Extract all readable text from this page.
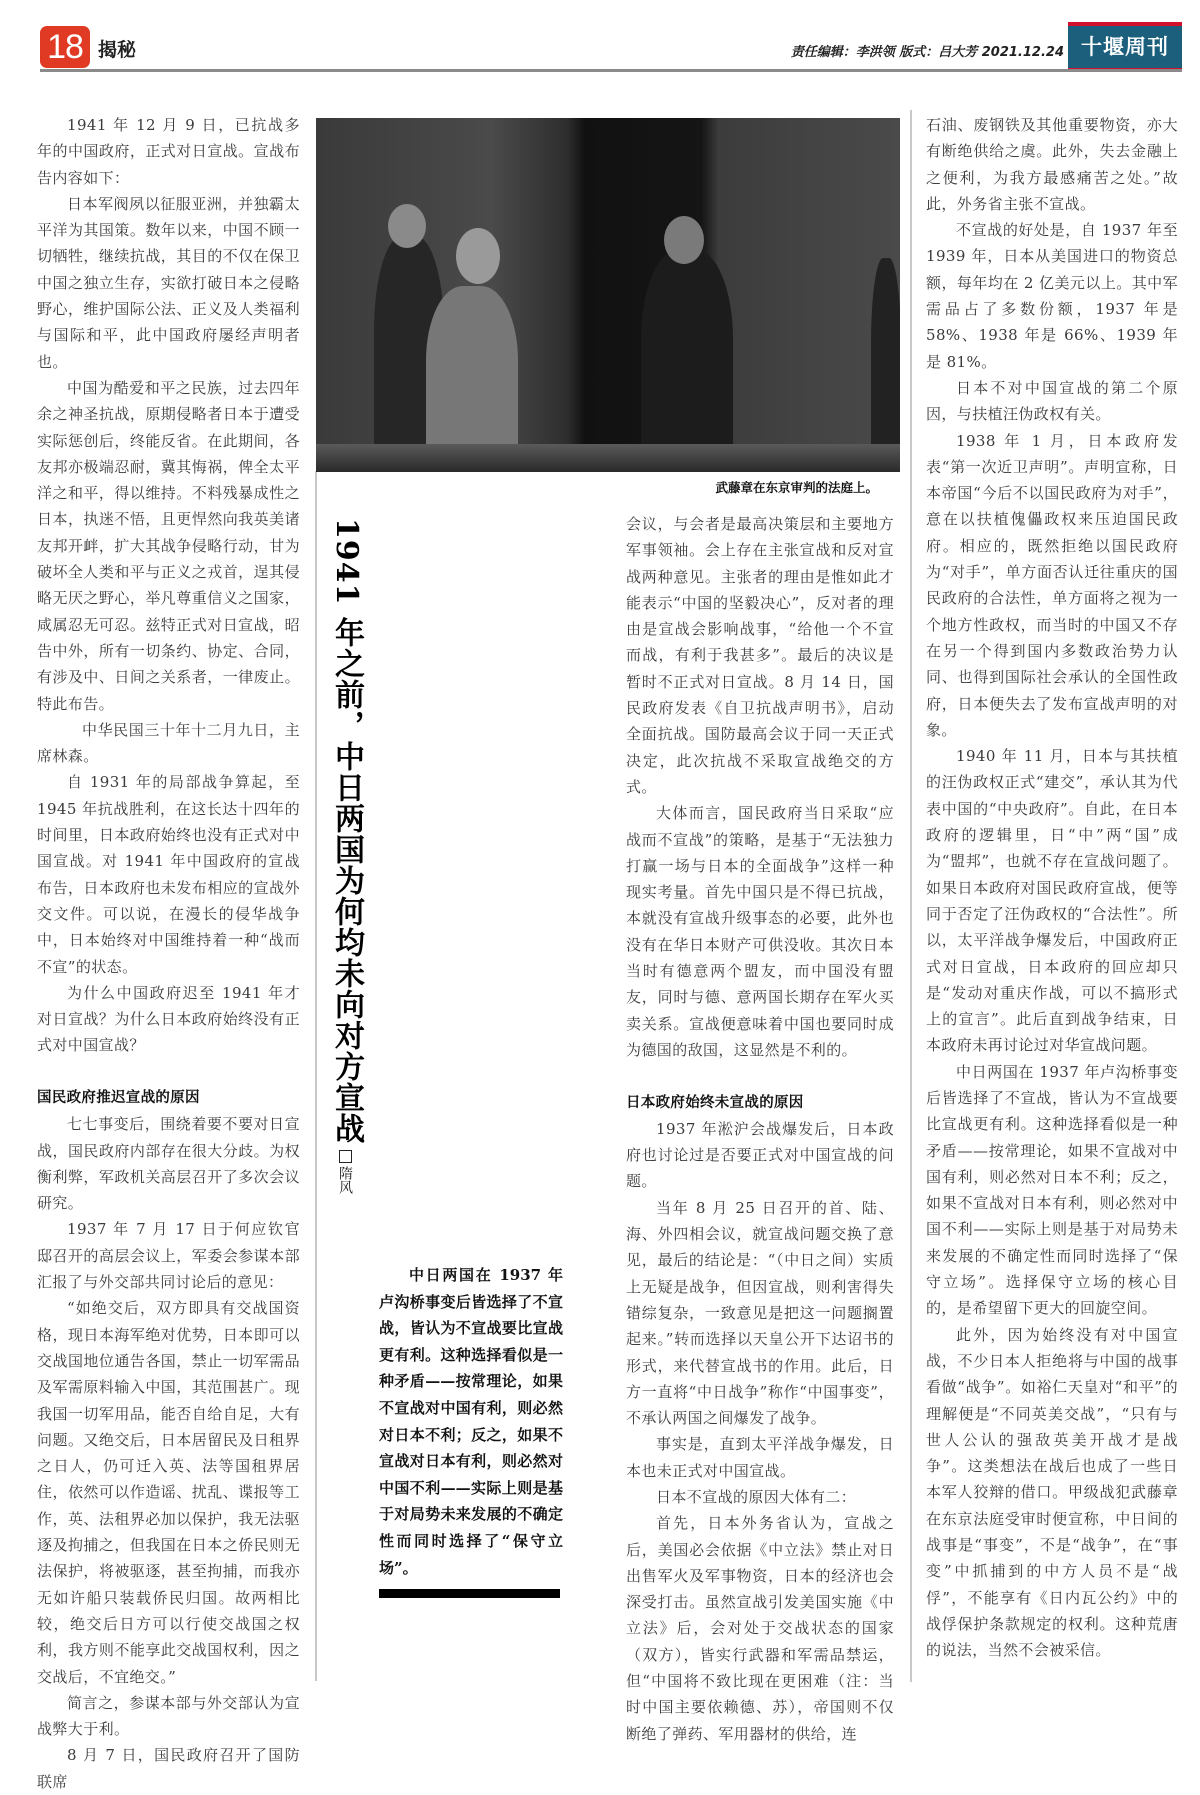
18 揭秘	责任编辑：李洪领 版式：吕大芳 2021.12.24 十堰周刊

1941 年 12 月 9 日，已抗战多年的中国政府，正式对日宣战。宣战布告内容如下：

日本军阀夙以征服亚洲，并独霸太平洋为其国策。数年以来，中国不顾一切牺牲，继续抗战，其目的不仅在保卫中国之独立生存，实欲打破日本之侵略野心，维护国际公法、正义及人类福利与国际和平，此中国政府屡经声明者也。

中国为酷爱和平之民族，过去四年余之神圣抗战，原期侵略者日本于遭受实际惩创后，终能反省。在此期间，各友邦亦极端忍耐，冀其悔祸，俾全太平洋之和平，得以维持。不料残暴成性之日本，执迷不悟，且更悍然向我英美诸友邦开衅，扩大其战争侵略行动，甘为破坏全人类和平与正义之戎首，逞其侵略无厌之野心，举凡尊重信义之国家，咸属忍无可忍。兹特正式对日宣战，昭告中外，所有一切条约、协定、合同，有涉及中、日间之关系者，一律废止。特此布告。

中华民国三十年十二月九日，主席林森。

自 1931 年的局部战争算起，至 1945 年抗战胜利，在这长达十四年的时间里，日本政府始终也没有正式对中国宣战。对 1941 年中国政府的宣战布告，日本政府也未发布相应的宣战外交文件。可以说，在漫长的侵华战争中，日本始终对中国维持着一种“战而不宣”的状态。

为什么中国政府迟至 1941 年才对日宣战？为什么日本政府始终没有正式对中国宣战？

国民政府推迟宣战的原因

七七事变后，围绕着要不要对日宣战，国民政府内部存在很大分歧。为权衡利弊，军政机关高层召开了多次会议研究。

1937 年 7 月 17 日于何应钦官邸召开的高层会议上，军委会参谋本部汇报了与外交部共同讨论后的意见：

“如绝交后，双方即具有交战国资格，现日本海军绝对优势，日本即可以交战国地位通告各国，禁止一切军需品及军需原料输入中国，其范围甚广。现我国一切军用品，能否自给自足，大有问题。又绝交后，日本居留民及日租界之日人，仍可迁入英、法等国租界居住，依然可以作造谣、扰乱、谍报等工作，英、法租界必加以保护，我无法驱逐及拘捕之，但我国在日本之侨民则无法保护，将被驱逐，甚至拘捕，而我亦无如许船只装载侨民归国。故两相比较，绝交后日方可以行使交战国之权利，我方则不能享此交战国权利，因之交战后，不宜绝交。”

简言之，参谋本部与外交部认为宣战弊大于利。

8 月 7 日，国民政府召开了国防联席

武藤章在东京审判的法庭上。
1941 年之前，中日两国为何均未向对方宣战
隋风

中日两国在 1937 年卢沟桥事变后皆选择了不宣战，皆认为不宣战要比宣战更有利。这种选择看似是一种矛盾——按常理论，如果不宣战对中国有利，则必然对日本不利；反之，如果不宣战对日本有利，则必然对中国不利——实际上则是基于对局势未来发展的不确定性而同时选择了“保守立场”。

会议，与会者是最高决策层和主要地方军事领袖。会上存在主张宣战和反对宣战两种意见。主张者的理由是惟如此才能表示“中国的坚毅决心”，反对者的理由是宣战会影响战事，“给他一个不宣而战，有利于我甚多”。最后的决议是暂时不正式对日宣战。8 月 14 日，国民政府发表《自卫抗战声明书》，启动全面抗战。国防最高会议于同一天正式决定，此次抗战不采取宣战绝交的方式。

大体而言，国民政府当日采取“应战而不宣战”的策略，是基于“无法独力打赢一场与日本的全面战争”这样一种现实考量。首先中国只是不得已抗战，本就没有宣战升级事态的必要，此外也没有在华日本财产可供没收。其次日本当时有德意两个盟友，而中国没有盟友，同时与德、意两国长期存在军火买卖关系。宣战便意味着中国也要同时成为德国的敌国，这显然是不利的。

日本政府始终未宣战的原因

1937 年淞沪会战爆发后，日本政府也讨论过是否要正式对中国宣战的问题。

当年 8 月 25 日召开的首、陆、海、外四相会议，就宣战问题交换了意见，最后的结论是：“（中日之间）实质上无疑是战争，但因宣战，则利害得失错综复杂，一致意见是把这一问题搁置起来。”转而选择以天皇公开下达诏书的形式，来代替宣战书的作用。此后，日方一直将“中日战争”称作“中国事变”，不承认两国之间爆发了战争。

事实是，直到太平洋战争爆发，日本也未正式对中国宣战。

日本不宣战的原因大体有二：

首先，日本外务省认为，宣战之后，美国必会依据《中立法》禁止对日出售军火及军事物资，日本的经济也会深受打击。虽然宣战引发美国实施《中立法》后，会对处于交战状态的国家（双方），皆实行武器和军需品禁运，但“中国将不致比现在更困难（注：当时中国主要依赖德、苏），帝国则不仅断绝了弹药、军用器材的供给，连

石油、废钢铁及其他重要物资，亦大有断绝供给之虞。此外，失去金融上之便利，为我方最感痛苦之处。”故此，外务省主张不宣战。

不宣战的好处是，自 1937 年至 1939 年，日本从美国进口的物资总额，每年均在 2 亿美元以上。其中军需品占了多数份额，1937 年是 58%、1938 年是 66%、1939 年是 81%。

日本不对中国宣战的第二个原因，与扶植汪伪政权有关。

1938 年 1 月，日本政府发表“第一次近卫声明”。声明宣称，日本帝国“今后不以国民政府为对手”，意在以扶植傀儡政权来压迫国民政府。相应的，既然拒绝以国民政府为“对手”，单方面否认迁往重庆的国民政府的合法性，单方面将之视为一个地方性政权，而当时的中国又不存在另一个得到国内多数政治势力认同、也得到国际社会承认的全国性政府，日本便失去了发布宣战声明的对象。

1940 年 11 月，日本与其扶植的汪伪政权正式“建交”，承认其为代表中国的“中央政府”。自此，在日本政府的逻辑里，日“中”两“国”成为“盟邦”，也就不存在宣战问题了。如果日本政府对国民政府宣战，便等同于否定了汪伪政权的“合法性”。所以，太平洋战争爆发后，中国政府正式对日宣战，日本政府的回应却只是“发动对重庆作战，可以不搞形式上的宣言”。此后直到战争结束，日本政府未再讨论过对华宣战问题。

中日两国在 1937 年卢沟桥事变后皆选择了不宣战，皆认为不宣战要比宣战更有利。这种选择看似是一种矛盾——按常理论，如果不宣战对中国有利，则必然对日本不利；反之，如果不宣战对日本有利，则必然对中国不利——实际上则是基于对局势未来发展的不确定性而同时选择了“保守立场”。选择保守立场的核心目的，是希望留下更大的回旋空间。

此外，因为始终没有对中国宣战，不少日本人拒绝将与中国的战事看做“战争”。如裕仁天皇对“和平”的理解便是“不同英美交战”，“只有与世人公认的强敌英美开战才是战争”。这类想法在战后也成了一些日本军人狡辩的借口。甲级战犯武藤章在东京法庭受审时便宣称，中日间的战事是“事变”，不是“战争”，在“事变”中抓捕到的中方人员不是“战俘”，不能享有《日内瓦公约》中的战俘保护条款规定的权利。这种荒唐的说法，当然不会被采信。
